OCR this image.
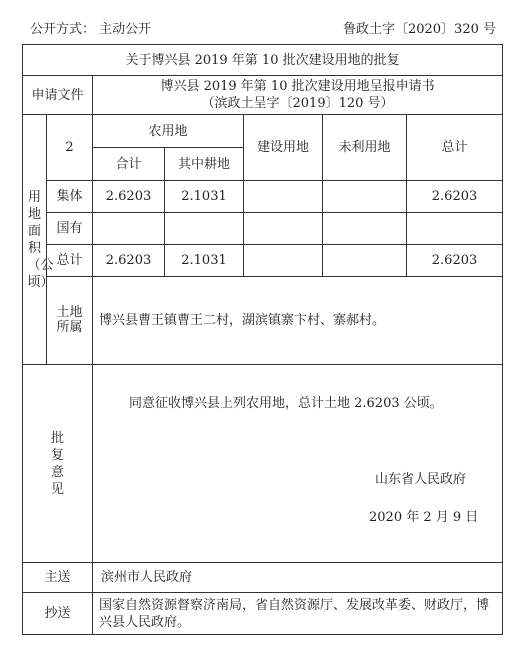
公开方式： 主动公开	鲁政土字〔2020〕320 号
关于博兴县 2019 年第 10 批次建设用地的批复						
申请文件		博兴县 2019 年第 10 批次建设用地呈报申请书
（滨政土呈字〔2019〕120 号）				

用地面积（公顷）	2	农用地		建设用地	未利用地	总计
		合计	其中耕地			
	集体	2.6203	2.1031			2.6203
	国有					
	总计	2.6203	2.1031			2.6203
	土地所属	博兴县曹王镇曹王二村，湖滨镇寨卞村、寨郝村。				
批复意见		同意征收博兴县上列农用地，总计土地 2.6203 公顷。
山东省人民政府
2020 年 2 月 9 日				

主送		滨州市人民政府				
抄送		国家自然资源督察济南局，省自然资源厅、发展改革委、财政厅，博兴县人民政府。				
